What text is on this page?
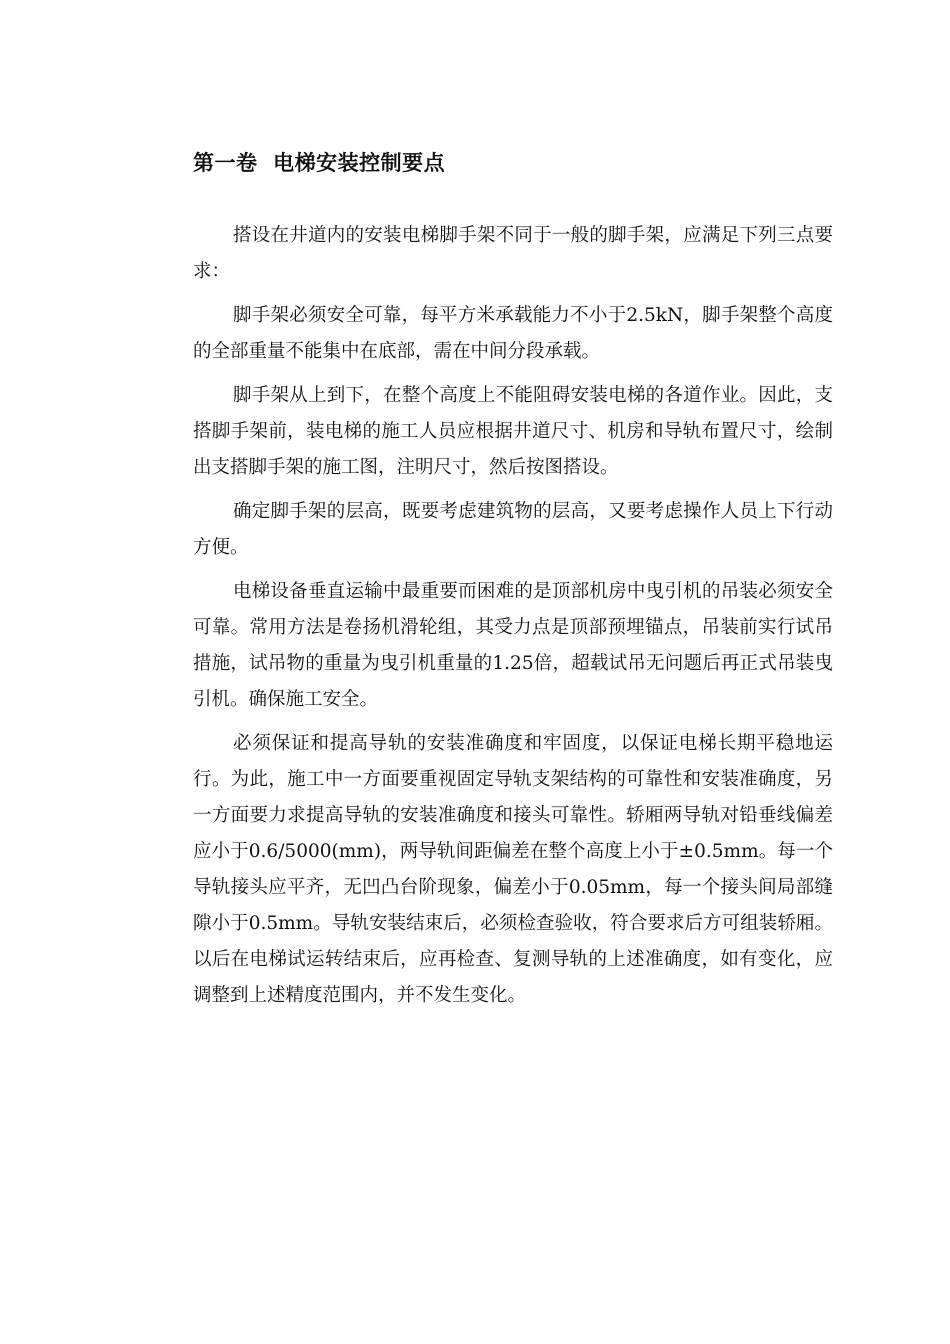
第一卷  电梯安装控制要点

搭设在井道内的安装电梯脚手架不同于一般的脚手架，应满足下列三点要求：

脚手架必须安全可靠，每平方米承载能力不小于2.5kN，脚手架整个高度的全部重量不能集中在底部，需在中间分段承载。

脚手架从上到下，在整个高度上不能阻碍安装电梯的各道作业。因此，支搭脚手架前，装电梯的施工人员应根据井道尺寸、机房和导轨布置尺寸，绘制出支搭脚手架的施工图，注明尺寸，然后按图搭设。

确定脚手架的层高，既要考虑建筑物的层高，又要考虑操作人员上下行动方便。

电梯设备垂直运输中最重要而困难的是顶部机房中曳引机的吊装必须安全可靠。常用方法是卷扬机滑轮组，其受力点是顶部预埋锚点，吊装前实行试吊措施，试吊物的重量为曳引机重量的1.25倍，超载试吊无问题后再正式吊装曳引机。确保施工安全。

必须保证和提高导轨的安装准确度和牢固度，以保证电梯长期平稳地运行。为此，施工中一方面要重视固定导轨支架结构的可靠性和安装准确度，另一方面要力求提高导轨的安装准确度和接头可靠性。轿厢两导轨对铅垂线偏差应小于0.6/5000(mm)，两导轨间距偏差在整个高度上小于±0.5mm。每一个导轨接头应平齐，无凹凸台阶现象，偏差小于0.05mm，每一个接头间局部缝隙小于0.5mm。导轨安装结束后，必须检查验收，符合要求后方可组装轿厢。以后在电梯试运转结束后，应再检查、复测导轨的上述准确度，如有变化，应调整到上述精度范围内，并不发生变化。
